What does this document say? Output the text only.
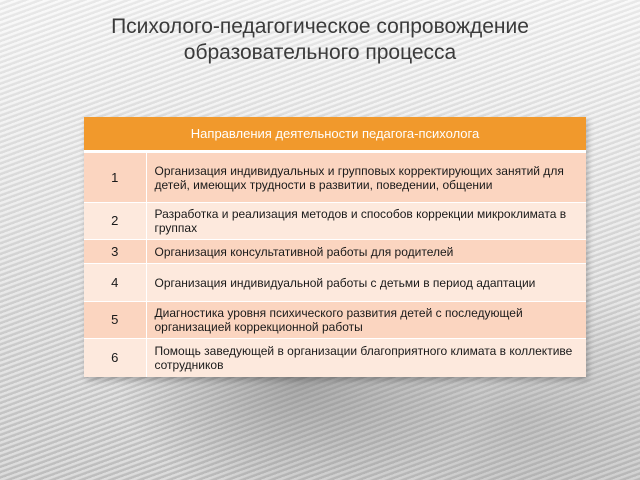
Психолого-педагогическое сопровождение
образовательного процесса
Направления деятельности педагога-психолога	
1	Организация индивидуальных и групповых корректирующих занятий для детей, имеющих трудности в развитии, поведении, общении
2	Разработка и реализация методов и способов коррекции микроклимата в группах
3	Организация консультативной работы для родителей
4	Организация индивидуальной работы с детьми в период адаптации
5	Диагностика уровня психического развития детей с последующей организацией коррекционной работы
6	Помощь заведующей в организации благоприятного климата в коллективе сотрудников
